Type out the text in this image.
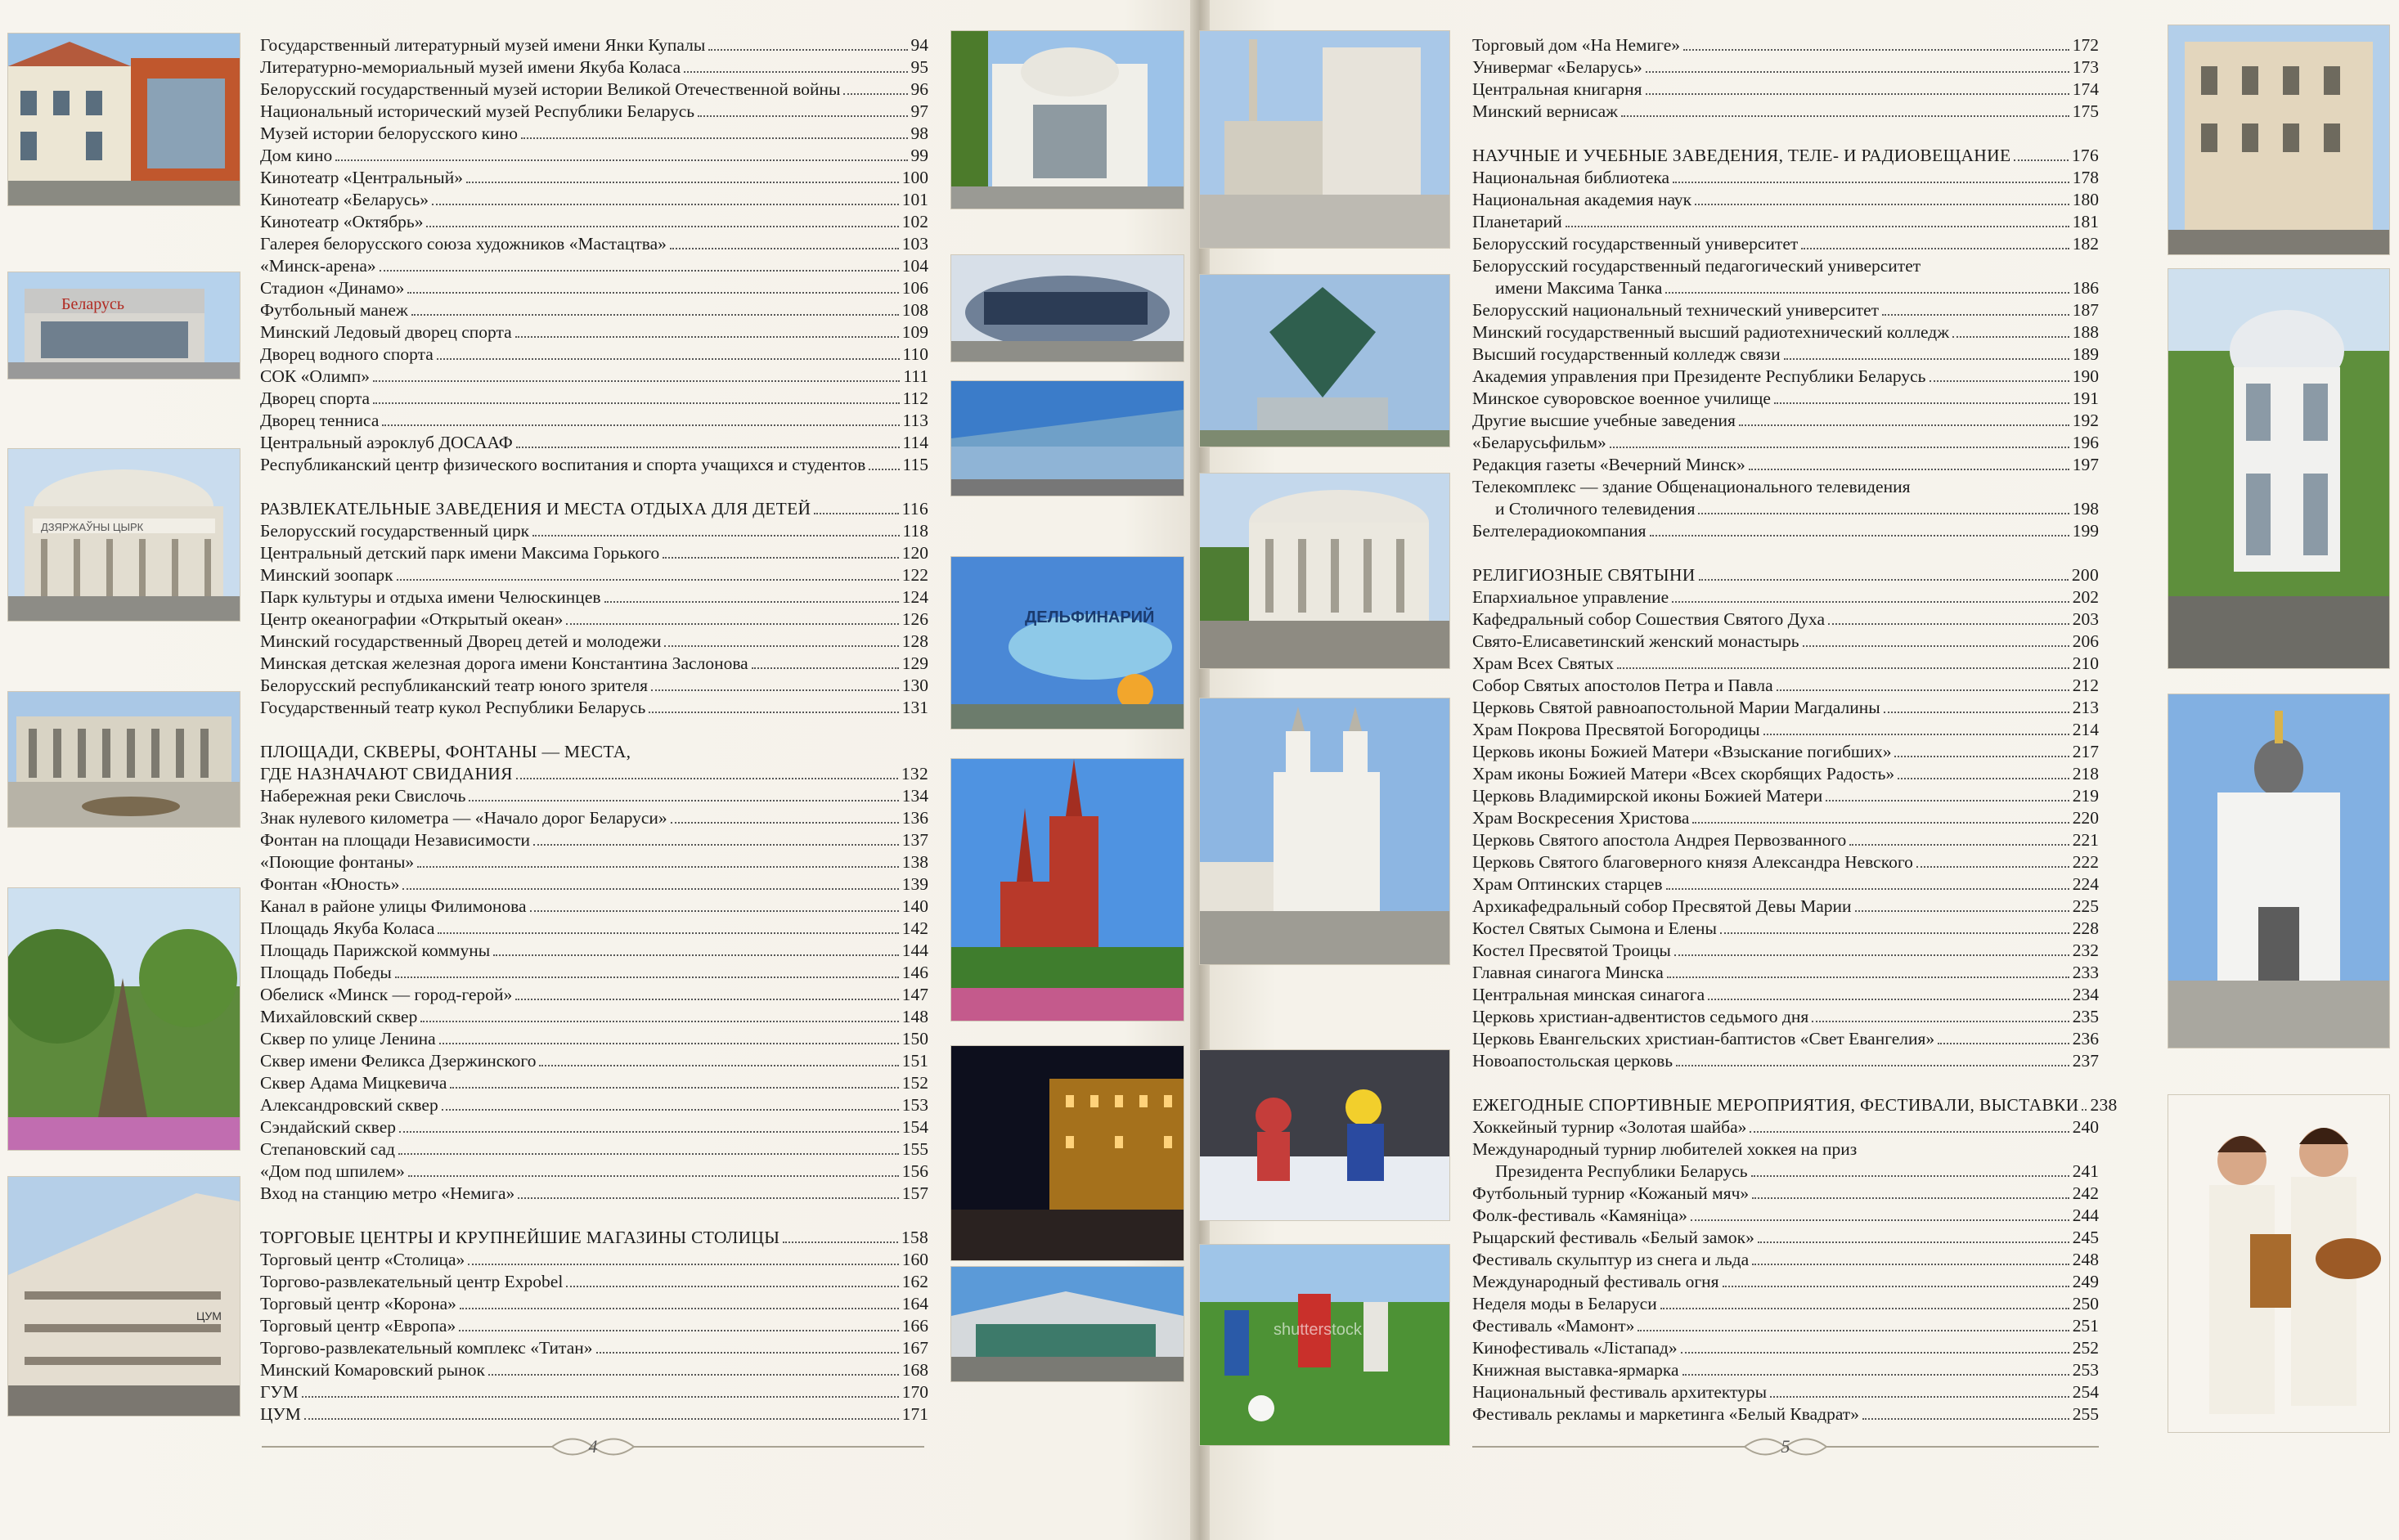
Беларусь
ДЗЯРЖАЎНЫ ЦЫРК
ЦУМ
ДЕЛЬФИНАРИЙ
shutterstock
Государственный литературный музей имени Янки Купалы	94
Литературно-мемориальный музей имени Якуба Коласа	95
Белорусский государственный музей истории Великой Отечественной войны	96
Национальный исторический музей Республики Беларусь	97
Музей истории белорусского кино	98
Дом кино	99
Кинотеатр «Центральный»	100
Кинотеатр «Беларусь»	101
Кинотеатр «Октябрь»	102
Галерея белорусского союза художников «Мастацтва»	103
«Минск-арена»	104
Стадион «Динамо»	106
Футбольный манеж	108
Минский Ледовый дворец спорта	109
Дворец водного спорта	110
СОК «Олимп»	111
Дворец спорта	112
Дворец тенниса	113
Центральный аэроклуб ДОСААФ	114
Республиканский центр физического воспитания и спорта учащихся и студентов 115
РАЗВЛЕКАТЕЛЬНЫЕ ЗАВЕДЕНИЯ И МЕСТА ОТДЫХА ДЛЯ ДЕТЕЙ	116
Белорусский государственный цирк	118
Центральный детский парк имени Максима Горького	120
Минский зоопарк	122
Парк культуры и отдыха имени Челюскинцев	124
Центр океанографии «Открытый океан»	126
Минский государственный Дворец детей и молодежи	128
Минская детская железная дорога имени Константина Заслонова	129
Белорусский республиканский театр юного зрителя	130
Государственный театр кукол Республики Беларусь	131
ПЛОЩАДИ, СКВЕРЫ, ФОНТАНЫ — МЕСТА,
ГДЕ НАЗНАЧАЮТ СВИДАНИЯ	132
Набережная реки Свислочь	134
Знак нулевого километра — «Начало дорог Беларуси»	136
Фонтан на площади Независимости	137
«Поющие фонтаны»	138
Фонтан «Юность»	139
Канал в районе улицы Филимонова	140
Площадь Якуба Коласа	142
Площадь Парижской коммуны	144
Площадь Победы	146
Обелиск «Минск — город-герой»	147
Михайловский сквер	148
Сквер по улице Ленина	150
Сквер имени Феликса Дзержинского	151
Сквер Адама Мицкевича	152
Александровский сквер	153
Сэндайский сквер	154
Степановский сад	155
«Дом под шпилем»	156
Вход на станцию метро «Немига»	157
ТОРГОВЫЕ ЦЕНТРЫ И КРУПНЕЙШИЕ МАГАЗИНЫ СТОЛИЦЫ	158
Торговый центр «Столица»	160
Торгово-развлекательный центр Expobel	162
Торговый центр «Корона»	164
Торговый центр «Европа»	166
Торгово-развлекательный комплекс «Титан»	167
Минский Комаровский рынок	168
ГУМ	170
ЦУМ	171
Торговый дом «На Немиге»	172
Универмаг «Беларусь»	173
Центральная книгарня	174
Минский вернисаж	175
НАУЧНЫЕ И УЧЕБНЫЕ ЗАВЕДЕНИЯ, ТЕЛЕ- И РАДИОВЕЩАНИЕ	176
Национальная библиотека	178
Национальная академия наук	180
Планетарий	181
Белорусский государственный университет	182
Белорусский государственный педагогический университет
имени Максима Танка	186
Белорусский национальный технический университет	187
Минский государственный высший радиотехнический колледж	188
Высший государственный колледж связи	189
Академия управления при Президенте Республики Беларусь	190
Минское суворовское военное училище	191
Другие высшие учебные заведения	192
«Беларусьфильм»	196
Редакция газеты «Вечерний Минск»	197
Телекомплекс — здание Общенационального телевидения
и Столичного телевидения	198
Белтелерадиокомпания	199
РЕЛИГИОЗНЫЕ СВЯТЫНИ	200
Епархиальное управление	202
Кафедральный собор Сошествия Святого Духа	203
Свято-Елисаветинский женский монастырь	206
Храм Всех Святых	210
Собор Святых апостолов Петра и Павла	212
Церковь Святой равноапостольной Марии Магдалины	213
Храм Покрова Пресвятой Богородицы	214
Церковь иконы Божией Матери «Взыскание погибших»	217
Храм иконы Божией Матери «Всех скорбящих Радость»	218
Церковь Владимирской иконы Божией Матери	219
Храм Воскресения Христова	220
Церковь Святого апостола Андрея Первозванного	221
Церковь Святого благоверного князя Александра Невского	222
Храм Оптинских старцев	224
Архикафедральный собор Пресвятой Девы Марии	225
Костел Святых Сымона и Елены	228
Костел Пресвятой Троицы	232
Главная синагога Минска	233
Центральная минская синагога	234
Церковь христиан-адвентистов седьмого дня	235
Церковь Евангельских христиан-баптистов «Свет Евангелия»	236
Новоапостольская церковь	237
ЕЖЕГОДНЫЕ СПОРТИВНЫЕ МЕРОПРИЯТИЯ, ФЕСТИВАЛИ, ВЫСТАВКИ 238
Хоккейный турнир «Золотая шайба»	240
Международный турнир любителей хоккея на приз
Президента Республики Беларусь	241
Футбольный турнир «Кожаный мяч»	242
Фолк-фестиваль «Камяніца»	244
Рыцарский фестиваль «Белый замок»	245
Фестиваль скульптур из снега и льда	248
Международный фестиваль огня	249
Неделя моды в Беларуси	250
Фестиваль «Мамонт»	251
Кинофестиваль «Лістапад»	252
Книжная выставка-ярмарка	253
Национальный фестиваль архитектуры	254
Фестиваль рекламы и маркетинга «Белый Квадрат»	255
4	5
